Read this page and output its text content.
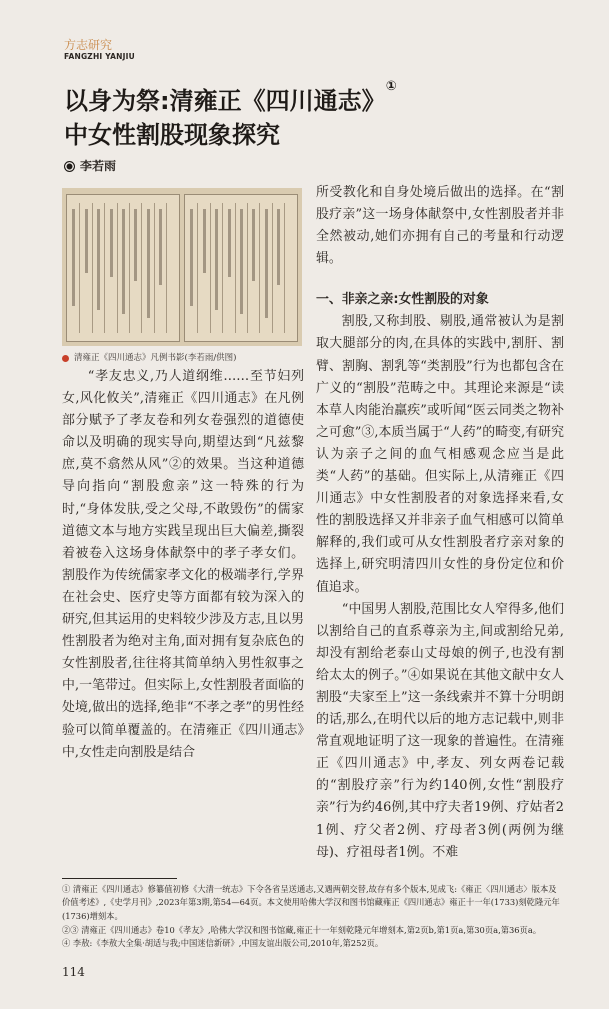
方志研究
FANGZHI YANJIU
以身为祭:清雍正《四川通志》①
中女性割股现象探究
李若雨
清雍正《四川通志》凡例书影(李若雨/供图)

“孝友忠义,乃人道纲维……至节妇列女,风化攸关”,清雍正《四川通志》在凡例部分赋予了孝友卷和列女卷强烈的道德使命以及明确的现实导向,期望达到“凡兹黎庶,莫不翕然从风”②的效果。当这种道德导向指向“割股愈亲”这一特殊的行为时,“身体发肤,受之父母,不敢毁伤”的儒家道德文本与地方实践呈现出巨大偏差,撕裂着被卷入这场身体献祭中的孝子孝女们。割股作为传统儒家孝文化的极端孝行,学界在社会史、医疗史等方面都有较为深入的研究,但其运用的史料较少涉及方志,且以男性割股者为绝对主角,面对拥有复杂底色的女性割股者,往往将其简单纳入男性叙事之中,一笔带过。但实际上,女性割股者面临的处境,做出的选择,绝非“不孝之孝”的男性经验可以简单覆盖的。在清雍正《四川通志》中,女性走向割股是结合

所受教化和自身处境后做出的选择。在“割股疗亲”这一场身体献祭中,女性割股者并非全然被动,她们亦拥有自己的考量和行动逻辑。

一、非亲之亲:女性割股的对象

割股,又称刲股、剔股,通常被认为是割取大腿部分的肉,在具体的实践中,割肝、割臂、割胸、割乳等“类割股”行为也都包含在广义的“割股”范畴之中。其理论来源是“读本草人肉能治羸疾”或听闻“医云同类之物补之可愈”③,本质当属于“人药”的畸变,有研究认为亲子之间的血气相感观念应当是此类“人药”的基础。但实际上,从清雍正《四川通志》中女性割股者的对象选择来看,女性的割股选择又并非亲子血气相感可以简单解释的,我们或可从女性割股者疗亲对象的选择上,研究明清四川女性的身份定位和价值追求。

“中国男人割股,范围比女人窄得多,他们以割给自己的直系尊亲为主,间或割给兄弟,却没有割给老泰山丈母娘的例子,也没有割给太太的例子。”④如果说在其他文献中女人割股“夫家至上”这一条线索并不算十分明朗的话,那么,在明代以后的地方志记载中,则非常直观地证明了这一现象的普遍性。在清雍正《四川通志》中,孝友、列女两卷记载的“割股疗亲”行为约140例,女性“割股疗亲”行为约46例,其中疗夫者19例、疗姑者21例、疗父者2例、疗母者3例(两例为继母)、疗祖母者1例。不难

① 清雍正《四川通志》修纂值初修《大清一统志》下令各省呈送通志,又遇两朝交替,故存有多个版本,见成飞:《雍正〈四川通志〉版本及价值考述》,《史学月刊》,2023年第3期,第54—64页。本文使用哈佛大学汉和图书馆藏雍正《四川通志》雍正十一年(1733)刻乾隆元年(1736)增刻本。
②③ 清雍正《四川通志》卷10《孝友》,哈佛大学汉和图书馆藏,雍正十一年刻乾隆元年增刻本,第2页b,第1页a,第30页a,第36页a。
④ 李敖:《李敖大全集·胡适与我;中国迷信新研》,中国友谊出版公司,2010年,第252页。
114
